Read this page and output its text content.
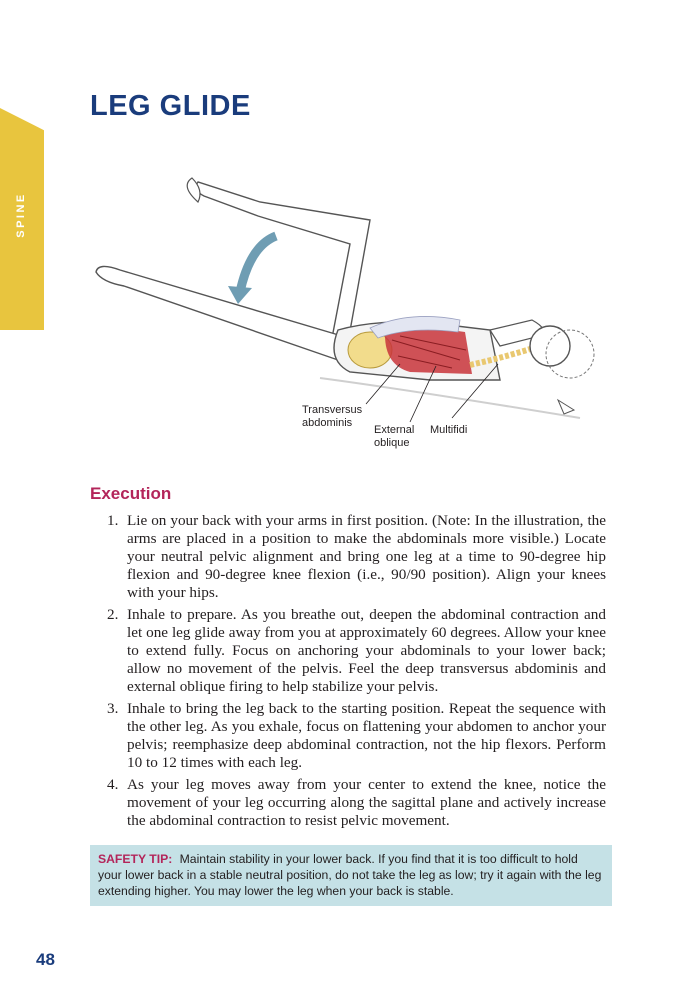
SPINE
LEG GLIDE
Transversus
abdominis
External
oblique
Multifidi
Execution
1. Lie on your back with your arms in first position. (Note: In the illustration, the arms are placed in a position to make the abdominals more visible.) Locate your neutral pelvic alignment and bring one leg at a time to 90-degree hip flexion and 90-degree knee flexion (i.e., 90/90 position). Align your knees with your hips.
2. Inhale to prepare. As you breathe out, deepen the abdominal contraction and let one leg glide away from you at approximately 60 degrees. Allow your knee to extend fully. Focus on anchoring your abdominals to your lower back; allow no movement of the pelvis. Feel the deep transversus abdominis and external oblique firing to help stabilize your pelvis.
3. Inhale to bring the leg back to the starting position. Repeat the sequence with the other leg. As you exhale, focus on flattening your abdomen to anchor your pelvis; reemphasize deep abdominal contraction, not the hip flexors. Perform 10 to 12 times with each leg.
4. As your leg moves away from your center to extend the knee, notice the movement of your leg occurring along the sagittal plane and actively increase the abdominal contraction to resist pelvic movement.
SAFETY TIP: Maintain stability in your lower back. If you find that it is too difficult to hold your lower back in a stable neutral position, do not take the leg as low; try it again with the leg extending higher. You may lower the leg when your back is stable.
48
